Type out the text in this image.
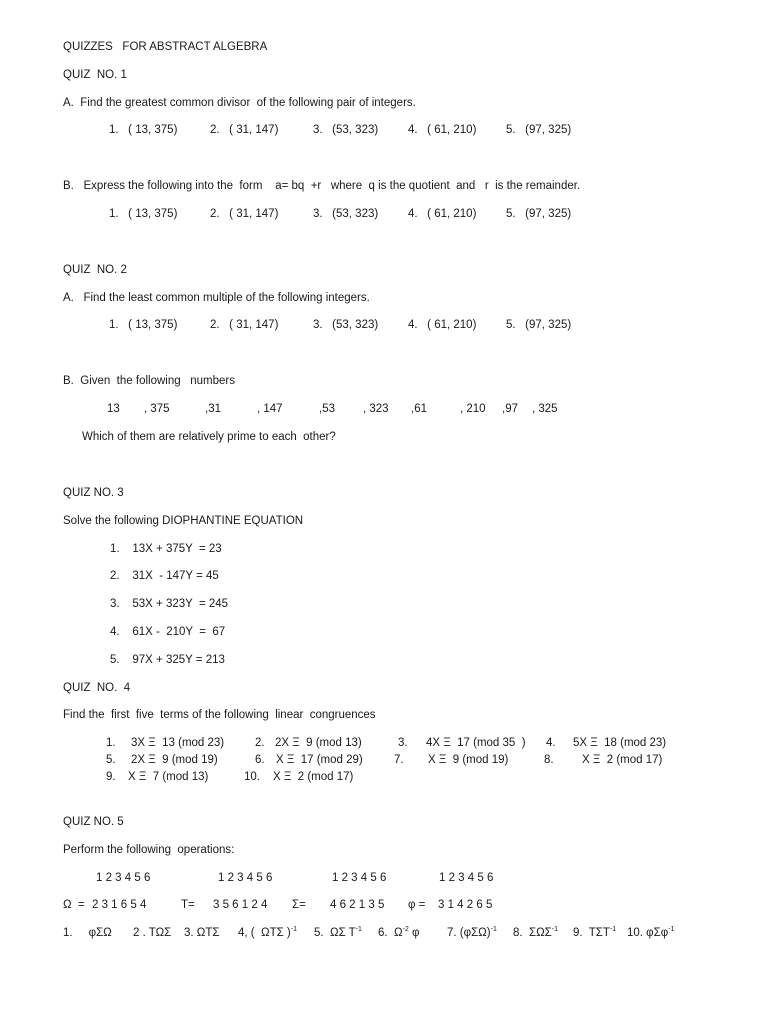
QUIZZES   FOR ABSTRACT ALGEBRA
QUIZ  NO. 1
A.  Find the greatest common divisor  of the following pair of integers.
1.   ( 13, 375)	2.   ( 31, 147)	3.   (53, 323)	4.   ( 61, 210)	5.   (97, 325)
B.   Express the following into the  form    a= bq  +r   where  q is the quotient  and   r  is the remainder.
1.   ( 13, 375)	2.   ( 31, 147)	3.   (53, 323)	4.   ( 61, 210)	5.   (97, 325)
QUIZ  NO. 2
A.   Find the least common multiple of the following integers.
1.   ( 13, 375)	2.   ( 31, 147)	3.   (53, 323)	4.   ( 61, 210)	5.   (97, 325)
B.  Given  the following   numbers
13 , 375	,31	, 147	,53 , 323 ,61	, 210 ,97 , 325
Which of them are relatively prime to each  other?
QUIZ NO. 3
Solve the following DIOPHANTINE EQUATION
1.    13X + 375Y  = 23
2.    31X  - 147Y = 45
3.    53X + 323Y  = 245
4.    61X -  210Y  =  67
5.    97X + 325Y = 213
QUIZ  NO.  4
Find the  first  five  terms of the following  linear  congruences
1. 3X Ξ  13 (mod 23)	2. 2X Ξ  9 (mod 13)	3. 4X Ξ  17 (mod 35  ) 4. 5X Ξ  18 (mod 23)
5. 2X Ξ  9 (mod 19)	6. X Ξ  17 (mod 29)	7. X Ξ  9 (mod 19)	8. X Ξ  2 (mod 17)
9. X Ξ  7 (mod 13)	10. X Ξ  2 (mod 17)
QUIZ NO. 5
Perform the following  operations:
1 2 3 4 5 6	1 2 3 4 5 6	1 2 3 4 5 6	1 2 3 4 5 6
Ω  = 2 3 1 6 5 4	T= 3 5 6 1 2 4 Σ= 4 6 2 1 3 5 φ = 3 1 4 2 6 5
1.     φΣΩ 2 . ΤΩΣ 3. ΩΤΣ 4, (  ΩΤΣ )$^{-1}$ 5.  ΩΣ $T^{-1}$ 6.  $\Omega^{-2}$ φ 7. $(\varphi\Sigma\Omega)^{-1}$ 8.  $\Sigma\Omega\Sigma^{-1}$ 9.  $T\Sigma T^{-1}$ 10. φΣφ$^{-1}$
